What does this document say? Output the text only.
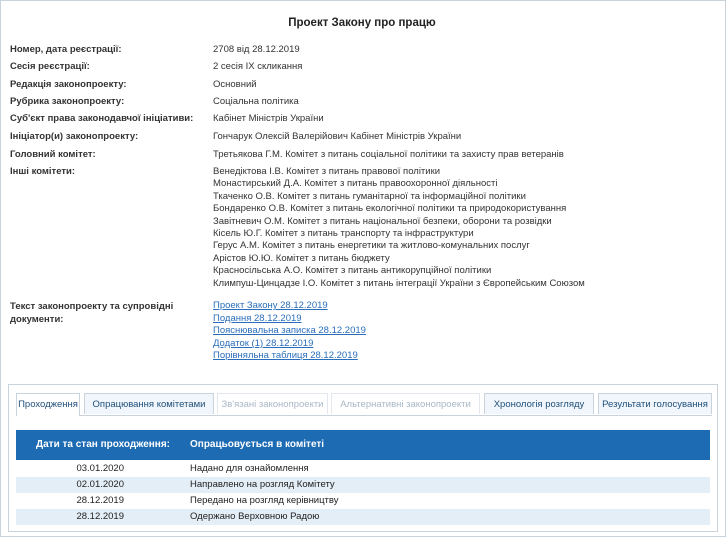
Проект Закону про працю
Номер, дата реєстрації:	2708 від 28.12.2019
Сесія реєстрації:	2 сесія IX скликання
Редакція законопроекту:	Основний
Рубрика законопроекту:	Соціальна політика
Суб'єкт права законодавчої ініціативи: Кабінет Міністрів України
Ініціатор(и) законопроекту:	Гончарук Олексій Валерійович Кабінет Міністрів України
Головний комітет:	Третьякова Г.М. Комітет з питань соціальної політики та захисту прав ветеранів
Інші комітети:	Венедіктова І.В. Комітет з питань правової політики
Монастирський Д.А. Комітет з питань правоохоронної діяльності
Ткаченко О.В. Комітет з питань гуманітарної та інформаційної політики
Бондаренко О.В. Комітет з питань екологічної політики та природокористування
Завітневич О.М. Комітет з питань національної безпеки, оборони та розвідки
Кісель Ю.Г. Комітет з питань транспорту та інфраструктури
Герус А.М. Комітет з питань енергетики та житлово-комунальних послуг
Арістов Ю.Ю. Комітет з питань бюджету
Красносільська А.О. Комітет з питань антикорупційної політики
Климпуш-Цинцадзе І.О. Комітет з питань інтеграції України з Європейським Союзом
Текст законопроекту та супровідні документи:
Проект Закону 28.12.2019
Подання 28.12.2019
Пояснювальна записка 28.12.2019
Додаток (1) 28.12.2019
Порівняльна таблиця 28.12.2019
Проходження	Опрацювання комітетами	Зв'язані законопроекти	Альтернативні законопроекти	Хронологія розгляду	Результати голосування
Дати та стан проходження: Опрацьовується в комітеті
03.01.2020	Надано для ознайомлення
02.01.2020	Направлено на розгляд Комітету
28.12.2019	Передано на розгляд керівництву
28.12.2019	Одержано Верховною Радою
